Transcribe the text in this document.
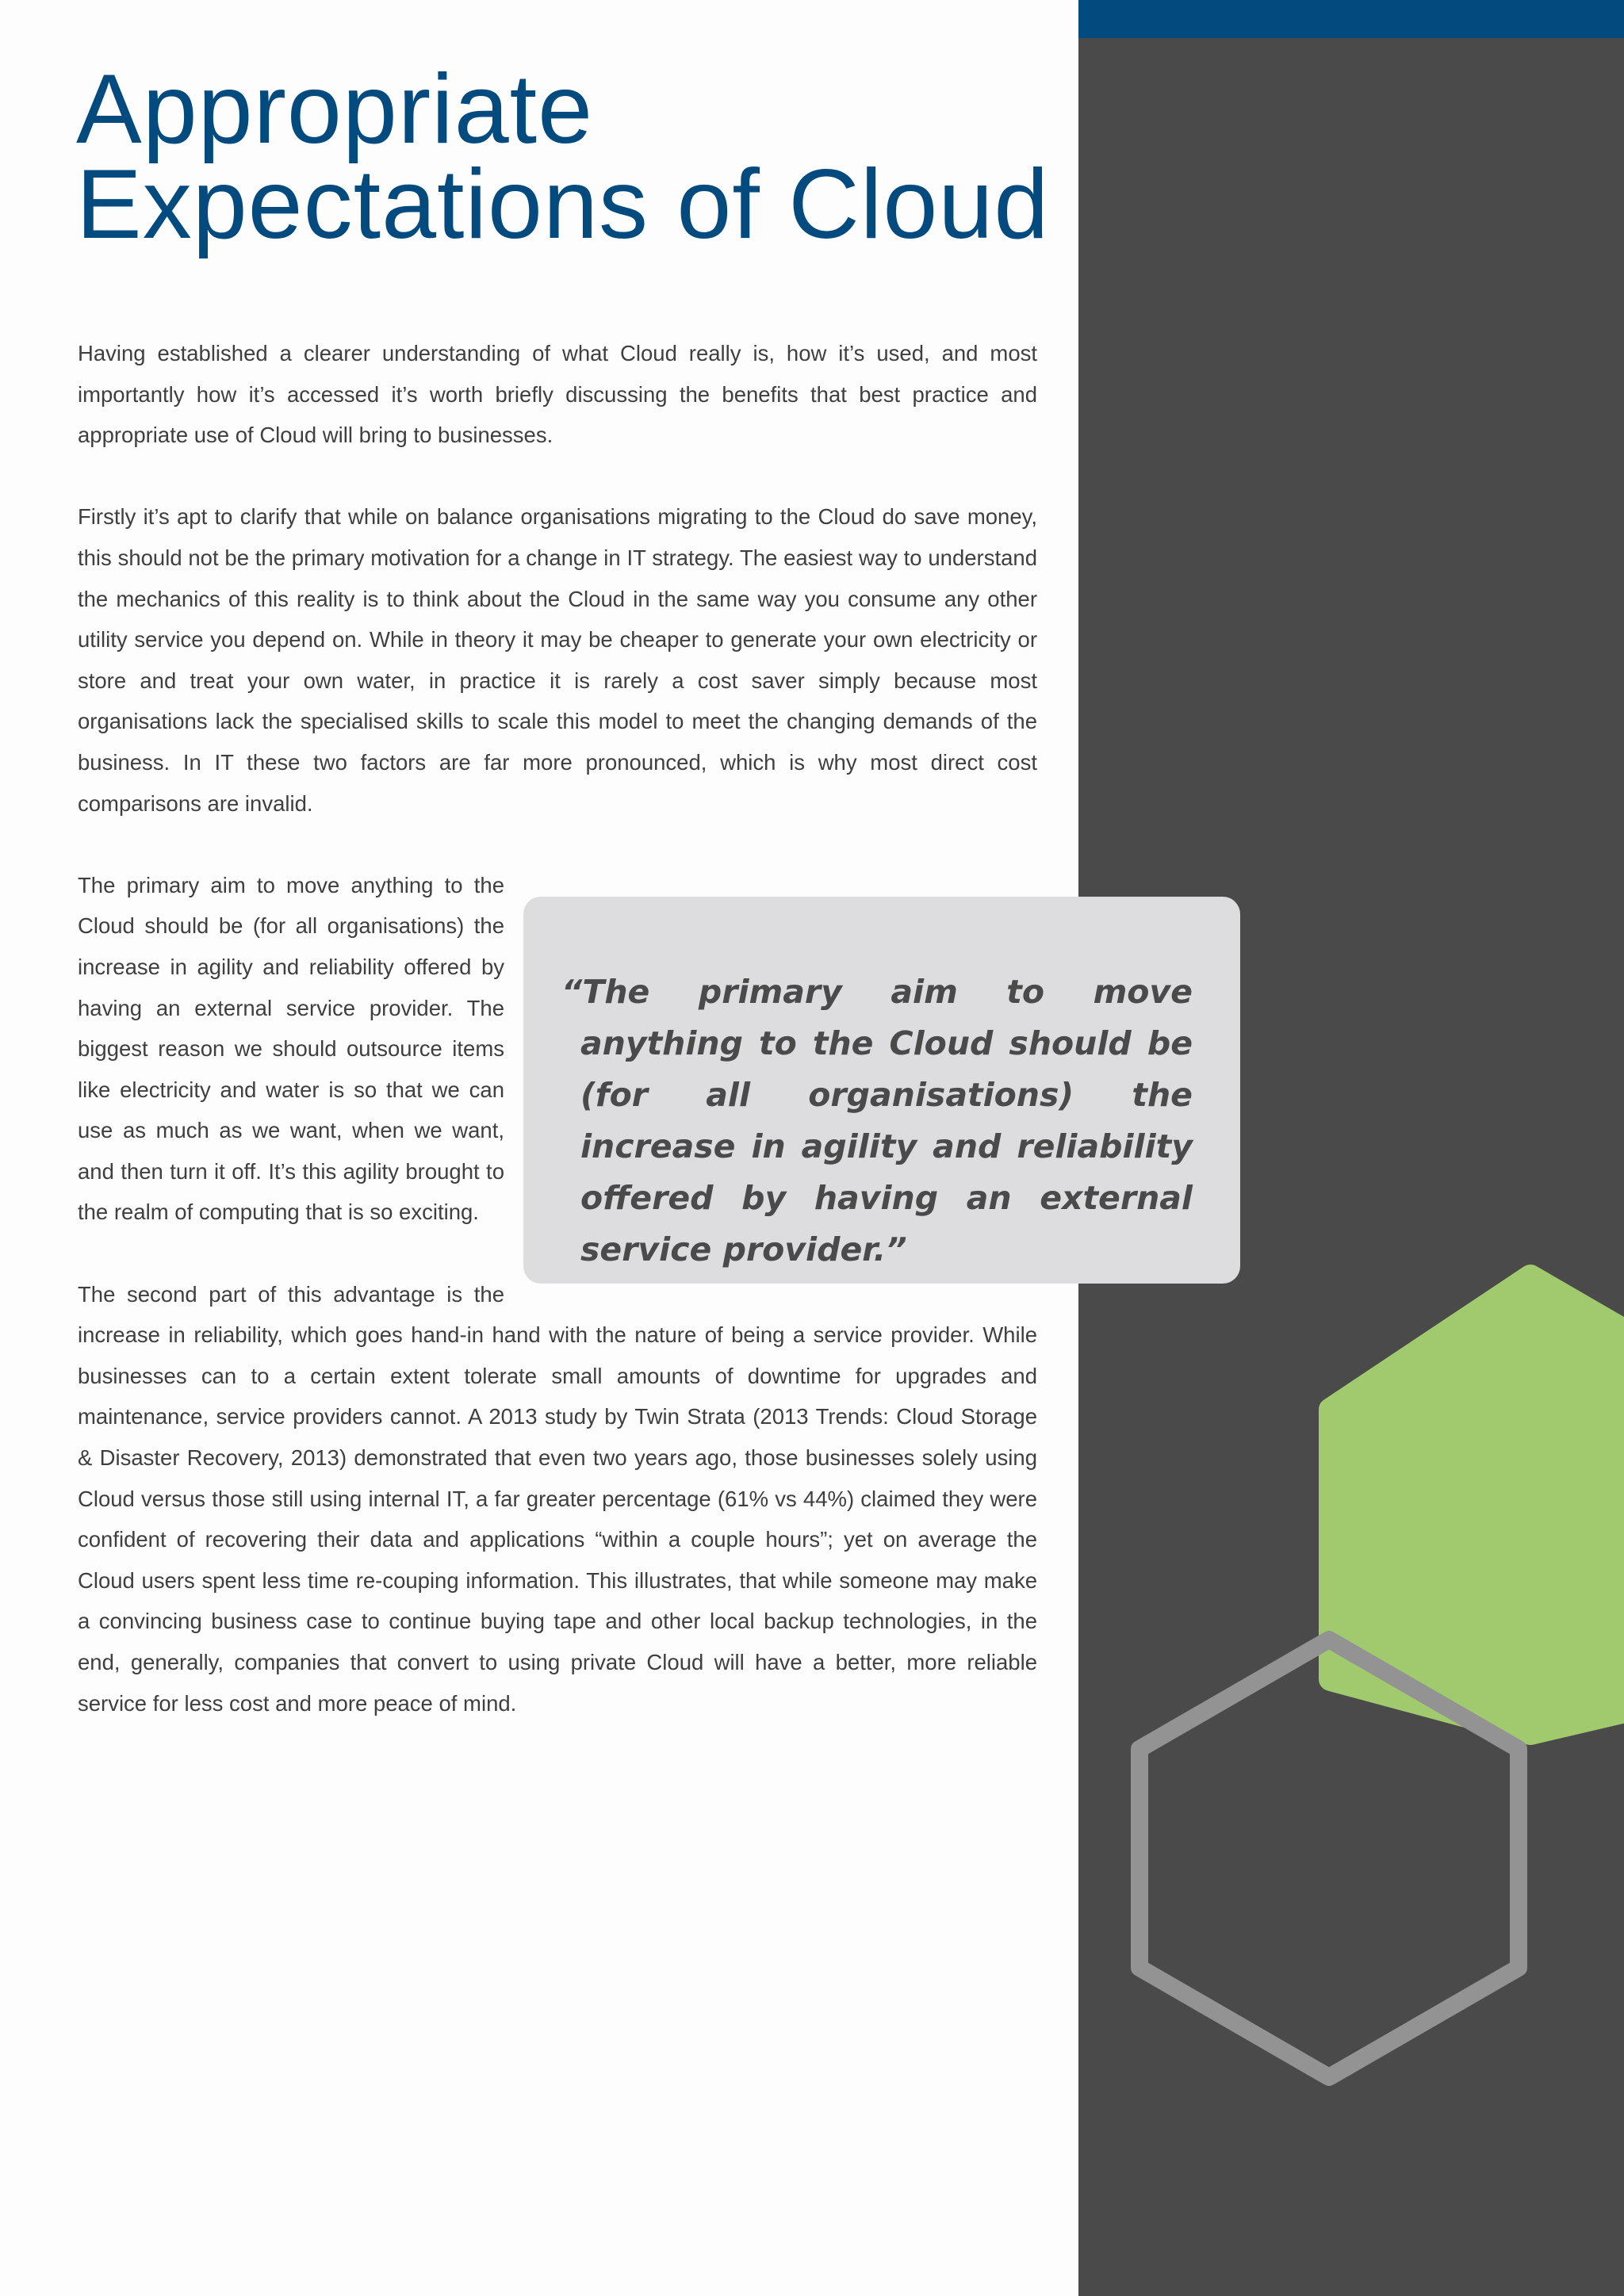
Appropriate
Expectations of Cloud

Having established a clearer understanding of what Cloud really is, how it’s used, and most importantly how it’s accessed it’s worth briefly discussing the benefits that best practice and appropriate use of Cloud will bring to businesses.

Firstly it’s apt to clarify that while on balance organisations migrating to the Cloud do save money, this should not be the primary motivation for a change in IT strategy. The easiest way to understand the mechanics of this reality is to think about the Cloud in the same way you consume any other utility service you depend on. While in theory it may be cheaper to generate your own electricity or store and treat your own water, in practice it is rarely a cost saver simply because most organisations lack the specialised skills to scale this model to meet the changing demands of the business. In IT these two factors are far more pronounced, which is why most direct cost comparisons are invalid.

“The primary aim to move anything to the Cloud should be (for all organisations) the increase in agility and reliability offered by having an external service provider.”

The primary aim to move anything to the Cloud should be (for all organisations) the increase in agility and reliability offered by having an external service provider. The biggest reason we should outsource items like electricity and water is so that we can use as much as we want, when we want, and then turn it off. It’s this agility brought to the realm of computing that is so exciting.

The second part of this advantage is the increase in reliability, which goes hand-in hand with the nature of being a service provider. While businesses can to a certain extent tolerate small amounts of downtime for upgrades and maintenance, service providers cannot. A 2013 study by Twin Strata (2013 Trends: Cloud Storage & Disaster Recovery, 2013) demonstrated that even two years ago, those businesses solely using Cloud versus those still using internal IT, a far greater percentage (61% vs 44%) claimed they were confident of recovering their data and applications “within a couple hours”; yet on average the Cloud users spent less time re-couping information. This illustrates, that while someone may make a convincing business case to continue buying tape and other local backup technologies, in the end, generally, companies that convert to using private Cloud will have a better, more reliable service for less cost and more peace of mind.
